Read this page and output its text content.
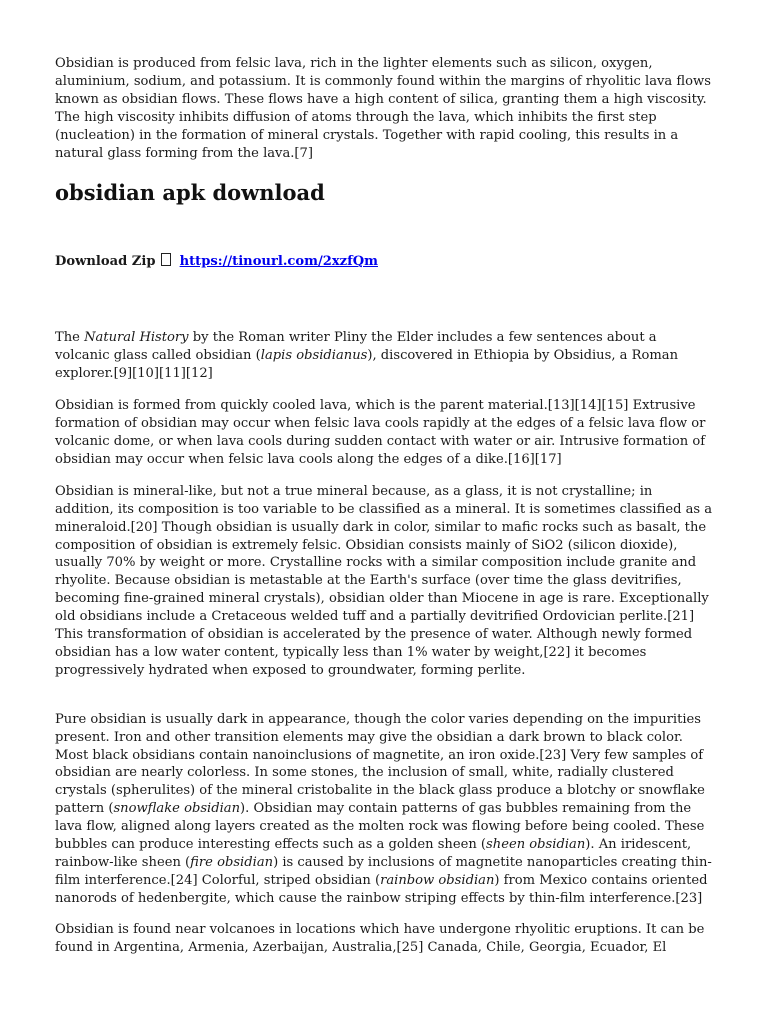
Obsidian is produced from felsic lava, rich in the lighter elements such as silicon, oxygen, aluminium, sodium, and potassium. It is commonly found within the margins of rhyolitic lava flows known as obsidian flows. These flows have a high content of silica, granting them a high viscosity. The high viscosity inhibits diffusion of atoms through the lava, which inhibits the first step (nucleation) in the formation of mineral crystals. Together with rapid cooling, this results in a natural glass forming from the lava.[7]

obsidian apk download
Download Zip https://tinourl.com/2xzfQm

The Natural History by the Roman writer Pliny the Elder includes a few sentences about a volcanic glass called obsidian (lapis obsidianus), discovered in Ethiopia by Obsidius, a Roman explorer.[9][10][11][12]

Obsidian is formed from quickly cooled lava, which is the parent material.[13][14][15] Extrusive formation of obsidian may occur when felsic lava cools rapidly at the edges of a felsic lava flow or volcanic dome, or when lava cools during sudden contact with water or air. Intrusive formation of obsidian may occur when felsic lava cools along the edges of a dike.[16][17]

Obsidian is mineral-like, but not a true mineral because, as a glass, it is not crystalline; in addition, its composition is too variable to be classified as a mineral. It is sometimes classified as a mineraloid.[20] Though obsidian is usually dark in color, similar to mafic rocks such as basalt, the composition of obsidian is extremely felsic. Obsidian consists mainly of SiO2 (silicon dioxide), usually 70% by weight or more. Crystalline rocks with a similar composition include granite and rhyolite. Because obsidian is metastable at the Earth's surface (over time the glass devitrifies, becoming fine-grained mineral crystals), obsidian older than Miocene in age is rare. Exceptionally old obsidians include a Cretaceous welded tuff and a partially devitrified Ordovician perlite.[21] This transformation of obsidian is accelerated by the presence of water. Although newly formed obsidian has a low water content, typically less than 1% water by weight,[22] it becomes progressively hydrated when exposed to groundwater, forming perlite.

Pure obsidian is usually dark in appearance, though the color varies depending on the impurities present. Iron and other transition elements may give the obsidian a dark brown to black color. Most black obsidians contain nanoinclusions of magnetite, an iron oxide.[23] Very few samples of obsidian are nearly colorless. In some stones, the inclusion of small, white, radially clustered crystals (spherulites) of the mineral cristobalite in the black glass produce a blotchy or snowflake pattern (snowflake obsidian). Obsidian may contain patterns of gas bubbles remaining from the lava flow, aligned along layers created as the molten rock was flowing before being cooled. These bubbles can produce interesting effects such as a golden sheen (sheen obsidian). An iridescent, rainbow-like sheen (fire obsidian) is caused by inclusions of magnetite nanoparticles creating thin-film interference.[24] Colorful, striped obsidian (rainbow obsidian) from Mexico contains oriented nanorods of hedenbergite, which cause the rainbow striping effects by thin-film interference.[23]

Obsidian is found near volcanoes in locations which have undergone rhyolitic eruptions. It can be found in Argentina, Armenia, Azerbaijan, Australia,[25] Canada, Chile, Georgia, Ecuador, El
